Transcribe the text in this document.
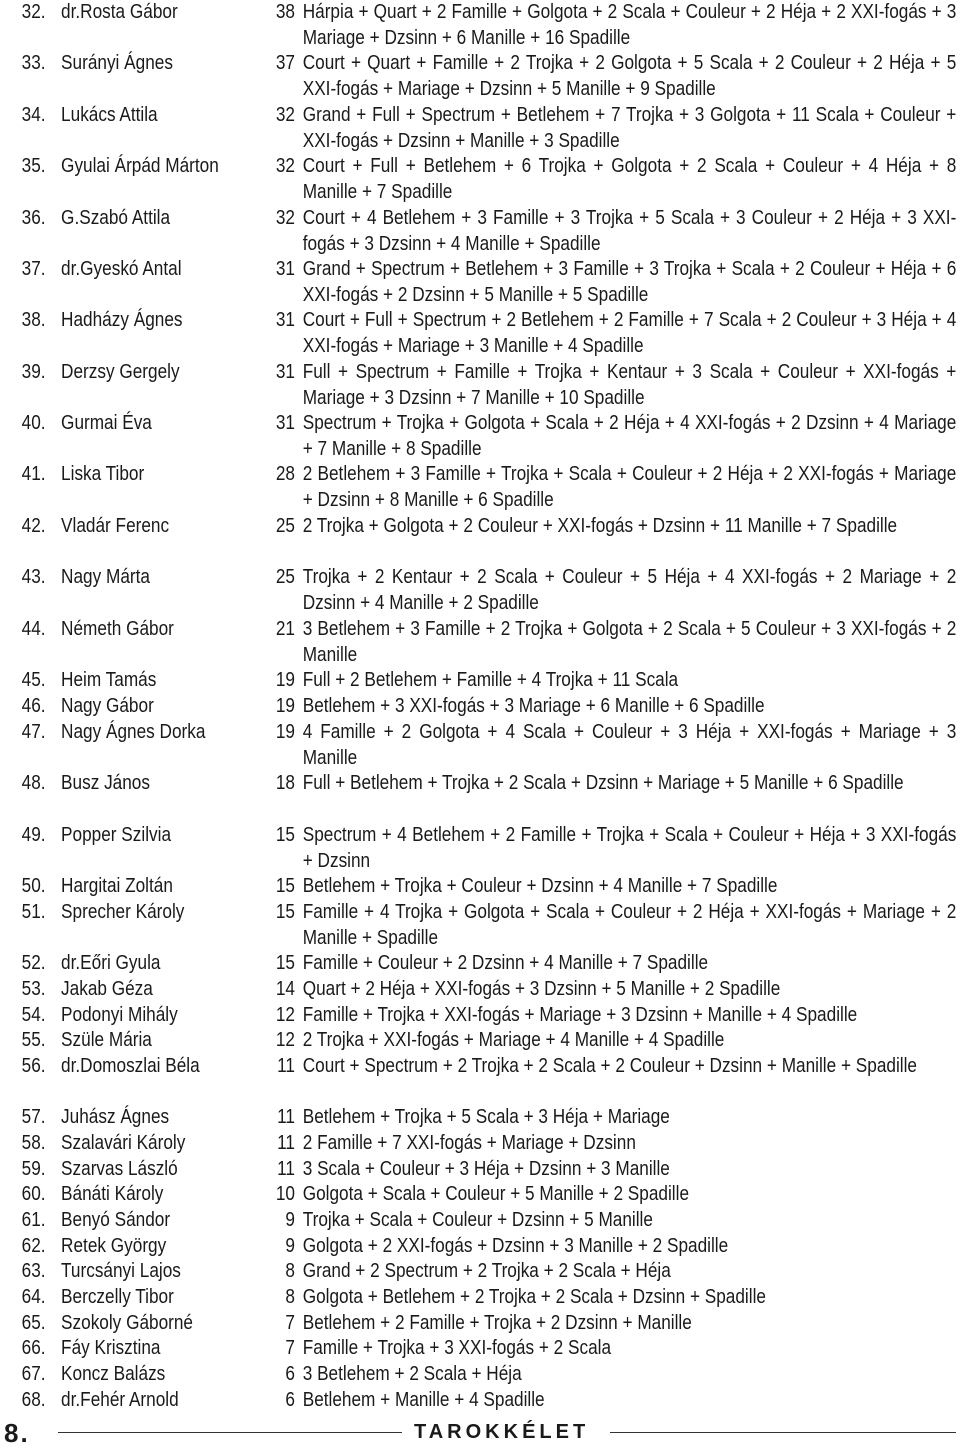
32. dr.Rosta Gábor	38 Hárpia + Quart + 2 Famille + Golgota + 2 Scala + Couleur + 2 Héja + 2 XXI-fogás + 3 Mariage + Dzsinn + 6 Manille + 16 Spadille
33. Surányi Ágnes	37 Court + Quart + Famille + 2 Trojka + 2 Golgota + 5 Scala + 2 Couleur + 2 Héja + 5 XXI-fogás + Mariage + Dzsinn + 5 Manille + 9 Spadille
34. Lukács Attila	32 Grand + Full + Spectrum + Betlehem + 7 Trojka + 3 Golgota + 11 Scala + Couleur + XXI-fogás + Dzsinn + Manille + 3 Spadille
35. Gyulai Árpád Márton	32 Court + Full + Betlehem + 6 Trojka + Golgota + 2 Scala + Couleur + 4 Héja + 8 Manille + 7 Spadille
36. G.Szabó Attila	32 Court + 4 Betlehem + 3 Famille + 3 Trojka + 5 Scala + 3 Couleur + 2 Héja + 3 XXI-fogás + 3 Dzsinn + 4 Manille + Spadille
37. dr.Gyeskó Antal	31 Grand + Spectrum + Betlehem + 3 Famille + 3 Trojka + Scala + 2 Couleur + Héja + 6 XXI-fogás + 2 Dzsinn + 5 Manille + 5 Spadille
38. Hadházy Ágnes	31 Court + Full + Spectrum + 2 Betlehem + 2 Famille + 7 Scala + 2 Couleur + 3 Héja + 4 XXI-fogás + Mariage + 3 Manille + 4 Spadille
39. Derzsy Gergely	31 Full + Spectrum + Famille + Trojka + Kentaur + 3 Scala + Couleur + XXI-fogás + Mariage + 3 Dzsinn + 7 Manille + 10 Spadille
40. Gurmai Éva	31 Spectrum + Trojka + Golgota + Scala + 2 Héja + 4 XXI-fogás + 2 Dzsinn + 4 Mariage + 7 Manille + 8 Spadille
41. Liska Tibor	28 2 Betlehem + 3 Famille + Trojka + Scala + Couleur + 2 Héja + 2 XXI-fogás + Mariage + Dzsinn + 8 Manille + 6 Spadille
42. Vladár Ferenc	25 2 Trojka + Golgota + 2 Couleur + XXI-fogás + Dzsinn + 11 Manille + 7 Spadille
43. Nagy Márta	25 Trojka + 2 Kentaur + 2 Scala + Couleur + 5 Héja + 4 XXI-fogás + 2 Mariage + 2 Dzsinn + 4 Manille + 2 Spadille
44. Németh Gábor	21 3 Betlehem + 3 Famille + 2 Trojka + Golgota + 2 Scala + 5 Couleur + 3 XXI-fogás + 2 Manille
45. Heim Tamás	19 Full + 2 Betlehem + Famille + 4 Trojka + 11 Scala
46. Nagy Gábor	19 Betlehem + 3 XXI-fogás + 3 Mariage + 6 Manille + 6 Spadille
47. Nagy Ágnes Dorka	19 4 Famille + 2 Golgota + 4 Scala + Couleur + 3 Héja + XXI-fogás + Mariage + 3 Manille
48. Busz János	18 Full + Betlehem + Trojka + 2 Scala + Dzsinn + Mariage + 5 Manille + 6 Spadille
49. Popper Szilvia	15 Spectrum + 4 Betlehem + 2 Famille + Trojka + Scala + Couleur + Héja + 3 XXI-fogás + Dzsinn
50. Hargitai Zoltán	15 Betlehem + Trojka + Couleur + Dzsinn + 4 Manille + 7 Spadille
51. Sprecher Károly	15 Famille + 4 Trojka + Golgota + Scala + Couleur + 2 Héja + XXI-fogás + Mariage + 2 Manille + Spadille
52. dr.Eőri Gyula	15 Famille + Couleur + 2 Dzsinn + 4 Manille + 7 Spadille
53. Jakab Géza	14 Quart + 2 Héja + XXI-fogás + 3 Dzsinn + 5 Manille + 2 Spadille
54. Podonyi Mihály	12 Famille + Trojka + XXI-fogás + Mariage + 3 Dzsinn + Manille + 4 Spadille
55. Szüle Mária	12 2 Trojka + XXI-fogás + Mariage + 4 Manille + 4 Spadille
56. dr.Domoszlai Béla	11 Court + Spectrum + 2 Trojka + 2 Scala + 2 Couleur + Dzsinn + Manille + Spadille
57. Juhász Ágnes	11 Betlehem + Trojka + 5 Scala + 3 Héja + Mariage
58. Szalavári Károly	11 2 Famille + 7 XXI-fogás + Mariage + Dzsinn
59. Szarvas László	11 3 Scala + Couleur + 3 Héja + Dzsinn + 3 Manille
60. Bánáti Károly	10 Golgota + Scala + Couleur + 5 Manille + 2 Spadille
61. Benyó Sándor	9 Trojka + Scala + Couleur + Dzsinn + 5 Manille
62. Retek György	9 Golgota + 2 XXI-fogás + Dzsinn + 3 Manille + 2 Spadille
63. Turcsányi Lajos	8 Grand + 2 Spectrum + 2 Trojka + 2 Scala + Héja
64. Berczelly Tibor	8 Golgota + Betlehem + 2 Trojka + 2 Scala + Dzsinn + Spadille
65. Szokoly Gáborné	7 Betlehem + 2 Famille + Trojka + 2 Dzsinn + Manille
66. Fáy Krisztina	7 Famille + Trojka + 3 XXI-fogás + 2 Scala
67. Koncz Balázs	6 3 Betlehem + 2 Scala + Héja
68. dr.Fehér Arnold	6 Betlehem + Manille + 4 Spadille
8.	TAROKKÉLET
